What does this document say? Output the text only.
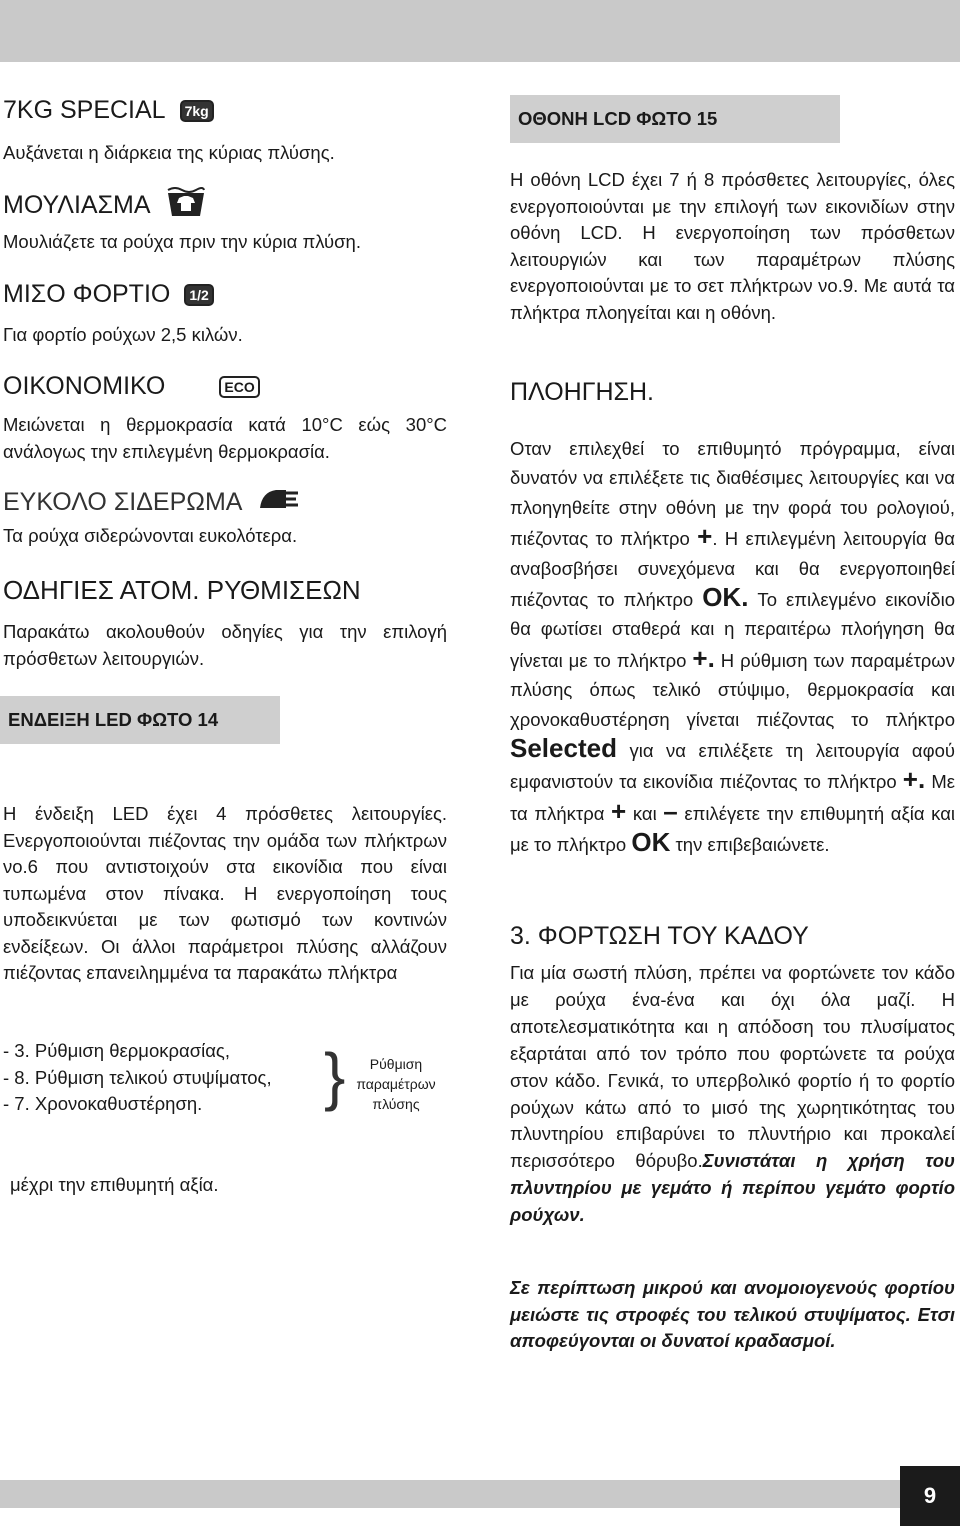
7KG SPECIAL	7kg
Αυξάνεται η διάρκεια της κύριας πλύσης.
ΜΟΥΛΙΑΣΜΑ
Μουλιάζετε τα ρούχα πριν την κύρια πλύση.
ΜΙΣΟ ΦΟΡΤΙΟ	1/2
Για φορτίο ρούχων 2,5 κιλών.
ΟΙΚΟΝΟΜΙΚΟ	ECO
Μειώνεται η θερμοκρασία κατά 10°C εώς 30°C ανάλογως την επιλεγμένη θερμοκρασία.
ΕΥΚΟΛΟ ΣΙΔΕΡΩΜΑ
Τα ρούχα σιδερώνονται ευκολότερα.
ΟΔΗΓΙΕΣ ΑΤΟΜ. ΡΥΘΜΙΣΕΩΝ
Παρακάτω ακολουθούν οδηγίες για την επιλογή πρόσθετων λειτουργιών.
ΕΝΔΕΙΞΗ LED ΦΩΤΟ 14
Η ένδειξη LED έχει 4 πρόσθετες λειτουργίες. Ενεργοποιούνται πιέζοντας την ομάδα των πλήκτρων νο.6 που αντιστοιχούν στα εικονίδια που είναι τυπωμένα στον πίνακα. Η ενεργοποίηση τους υποδεικνύεται με των φωτισμό των κοντινών ενδείξεων. Οι άλλοι παράμετροι πλύσης αλλάζουν πιέζοντας επανειλημμένα τα παρακάτω πλήκτρα
- 3. Ρύθμιση θερμοκρασίας,
- 8. Ρύθμιση τελικού στυψίματος,
- 7. Χρονοκαθυστέρηση.	}	Ρύθμιση
παραμέτρων
πλύσης
μέχρι την επιθυμητή αξία.
ΟΘΟΝΗ LCD ΦΩΤΟ 15
Η οθόνη LCD έχει 7 ή 8 πρόσθετες λειτουργίες, όλες ενεργοποιούνται με την επιλογή των εικονιδίων στην οθόνη LCD. Η ενεργοποίηση των πρόσθετων λειτουργιών και των παραμέτρων πλύσης ενεργοποιούνται με το σετ πλήκτρων νο.9. Με αυτά τα πλήκτρα πλοηγείται και η οθόνη.
ΠΛΟΗΓΗΣΗ.
Οταν επιλεχθεί το επιθυμητό πρόγραμμα, είναι δυνατόν να επιλέξετε τις διαθέσιμες λειτουργίες και να πλοηγηθείτε στην οθόνη με την φορά του ρολογιού, πιέζοντας το πλήκτρο +. Η επιλεγμένη λειτουργία θα αναβοσβήσει συνεχόμενα και θα ενεργοποιηθεί πιέζοντας το πλήκτρο OK. Το επιλεγμένο εικονίδιο θα φωτίσει σταθερά και η περαιτέρω πλοήγηση θα γίνεται με το πλήκτρο +. Η ρύθμιση των παραμέτρων πλύσης όπως τελικό στύψιμο, θερμοκρασία και χρονοκαθυστέρηση γίνεται πιέζοντας το πλήκτρο Selected για να επιλέξετε τη λειτουργία αφού εμφανιστούν τα εικονίδια πιέζοντας το πλήκτρο +. Με τα πλήκτρα + και – επιλέγετε την επιθυμητή αξία και με το πλήκτρο OK την επιβεβαιώνετε.
3. ΦΟΡΤΩΣΗ ΤΟΥ ΚΑΔΟΥ
Για μία σωστή πλύση, πρέπει να φορτώνετε τον κάδο με ρούχα ένα-ένα και όχι όλα μαζί. Η αποτελεσματικότητα και η απόδοση του πλυσίματος εξαρτάται από τον τρόπο που φορτώνετε τα ρούχα στον κάδο. Γενικά, το υπερβολικό φορτίο ή το φορτίο ρούχων κάτω από το μισό της χωρητικότητας του πλυντηρίου επιβαρύνει το πλυντήριο και προκαλεί περισσότερο θόρυβο.Συνιστάται η χρήση του πλυντηρίου με γεμάτο ή περίπου γεμάτο φορτίο ρούχων.
Σε περίπτωση μικρού και ανομοιογενούς φορτίου μειώστε τις στροφές του τελικού στυψίματος. Ετσι αποφεύγονται οι δυνατοί κραδασμοί.
9
